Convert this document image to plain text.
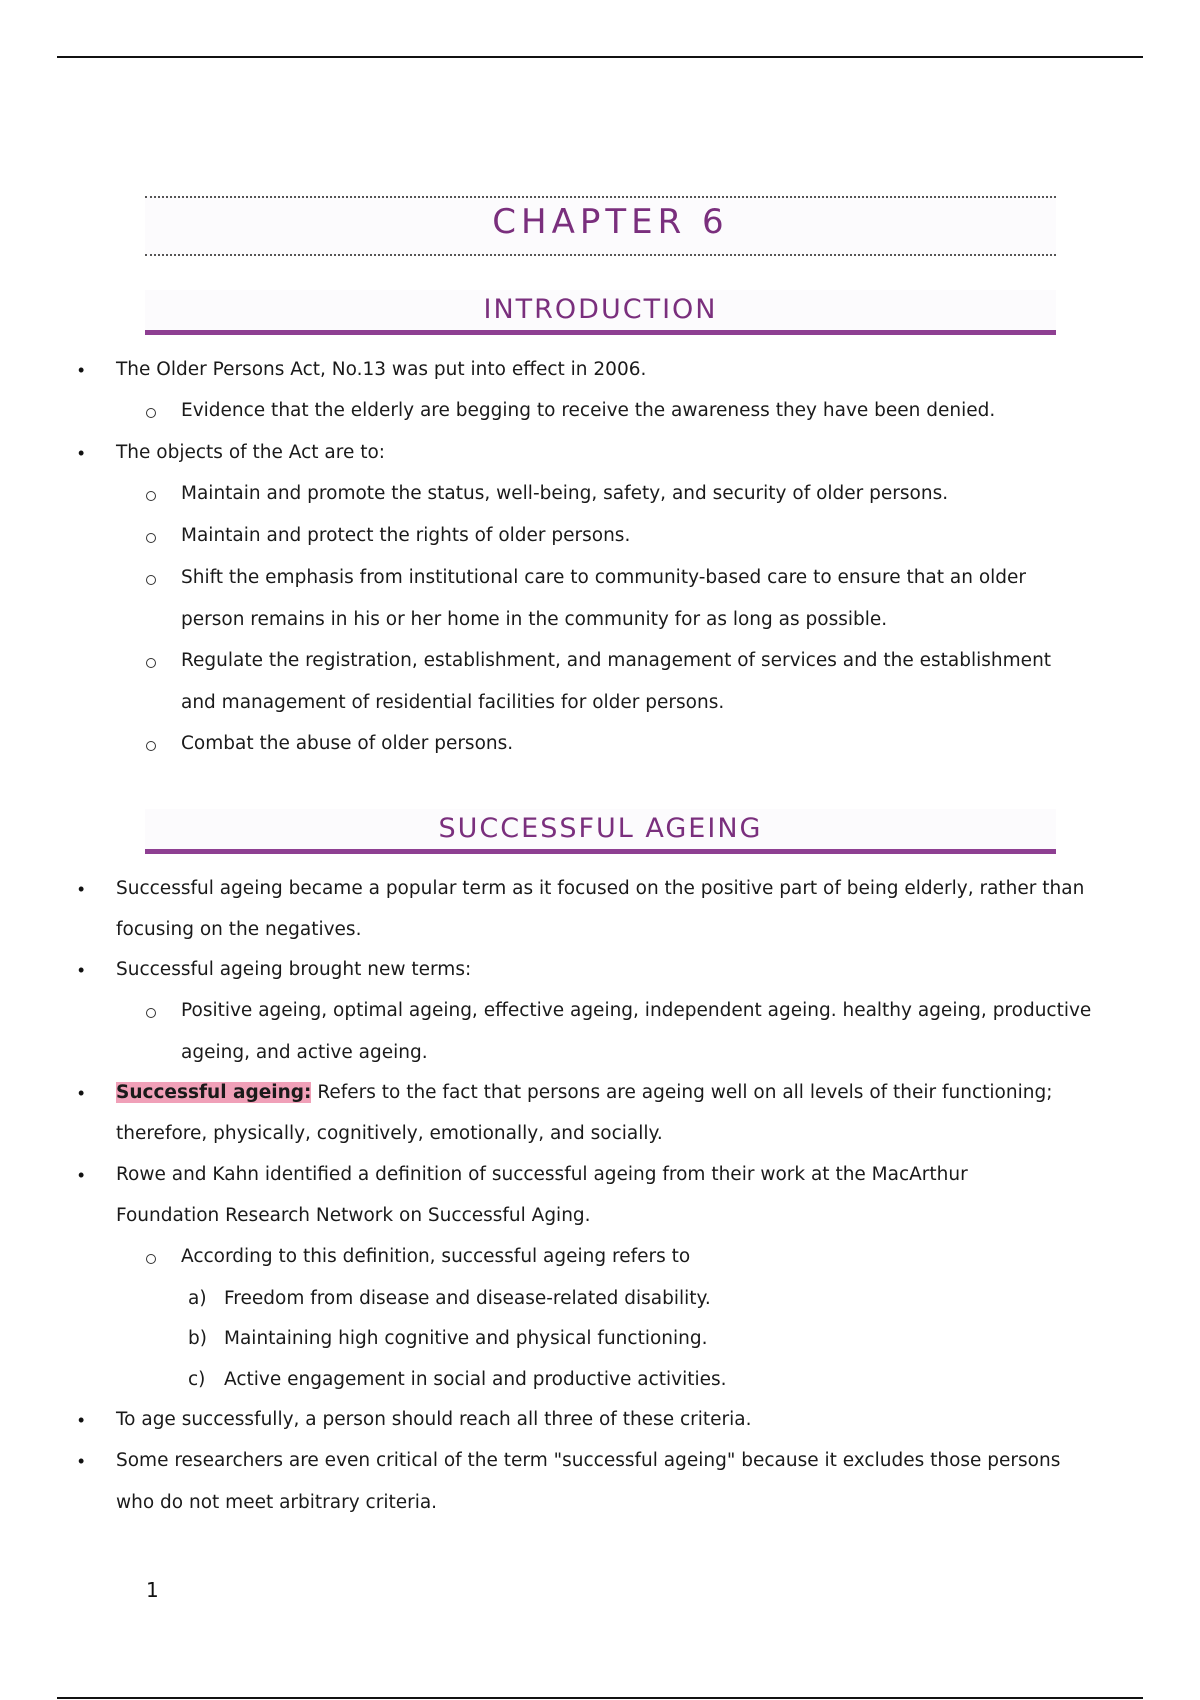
CHAPTER 6
INTRODUCTION
• The Older Persons Act, No.13 was put into effect in 2006.
Evidence that the elderly are begging to receive the awareness they have been denied.
• The objects of the Act are to:
Maintain and promote the status, well-being, safety, and security of older persons.
Maintain and protect the rights of older persons.
Shift the emphasis from institutional care to community-based care to ensure that an older
person remains in his or her home in the community for as long as possible.
Regulate the registration, establishment, and management of services and the establishment
and management of residential facilities for older persons.
Combat the abuse of older persons.
SUCCESSFUL AGEING
• Successful ageing became a popular term as it focused on the positive part of being elderly, rather than
focusing on the negatives.
• Successful ageing brought new terms:
Positive ageing, optimal ageing, effective ageing, independent ageing. healthy ageing, productive
ageing, and active ageing.
• Successful ageing: Refers to the fact that persons are ageing well on all levels of their functioning;
therefore, physically, cognitively, emotionally, and socially.
• Rowe and Kahn identified a definition of successful ageing from their work at the MacArthur
Foundation Research Network on Successful Aging.
According to this definition, successful ageing refers to
a) Freedom from disease and disease-related disability.
b) Maintaining high cognitive and physical functioning.
c) Active engagement in social and productive activities.
• To age successfully, a person should reach all three of these criteria.
• Some researchers are even critical of the term "successful ageing" because it excludes those persons
who do not meet arbitrary criteria.
1
